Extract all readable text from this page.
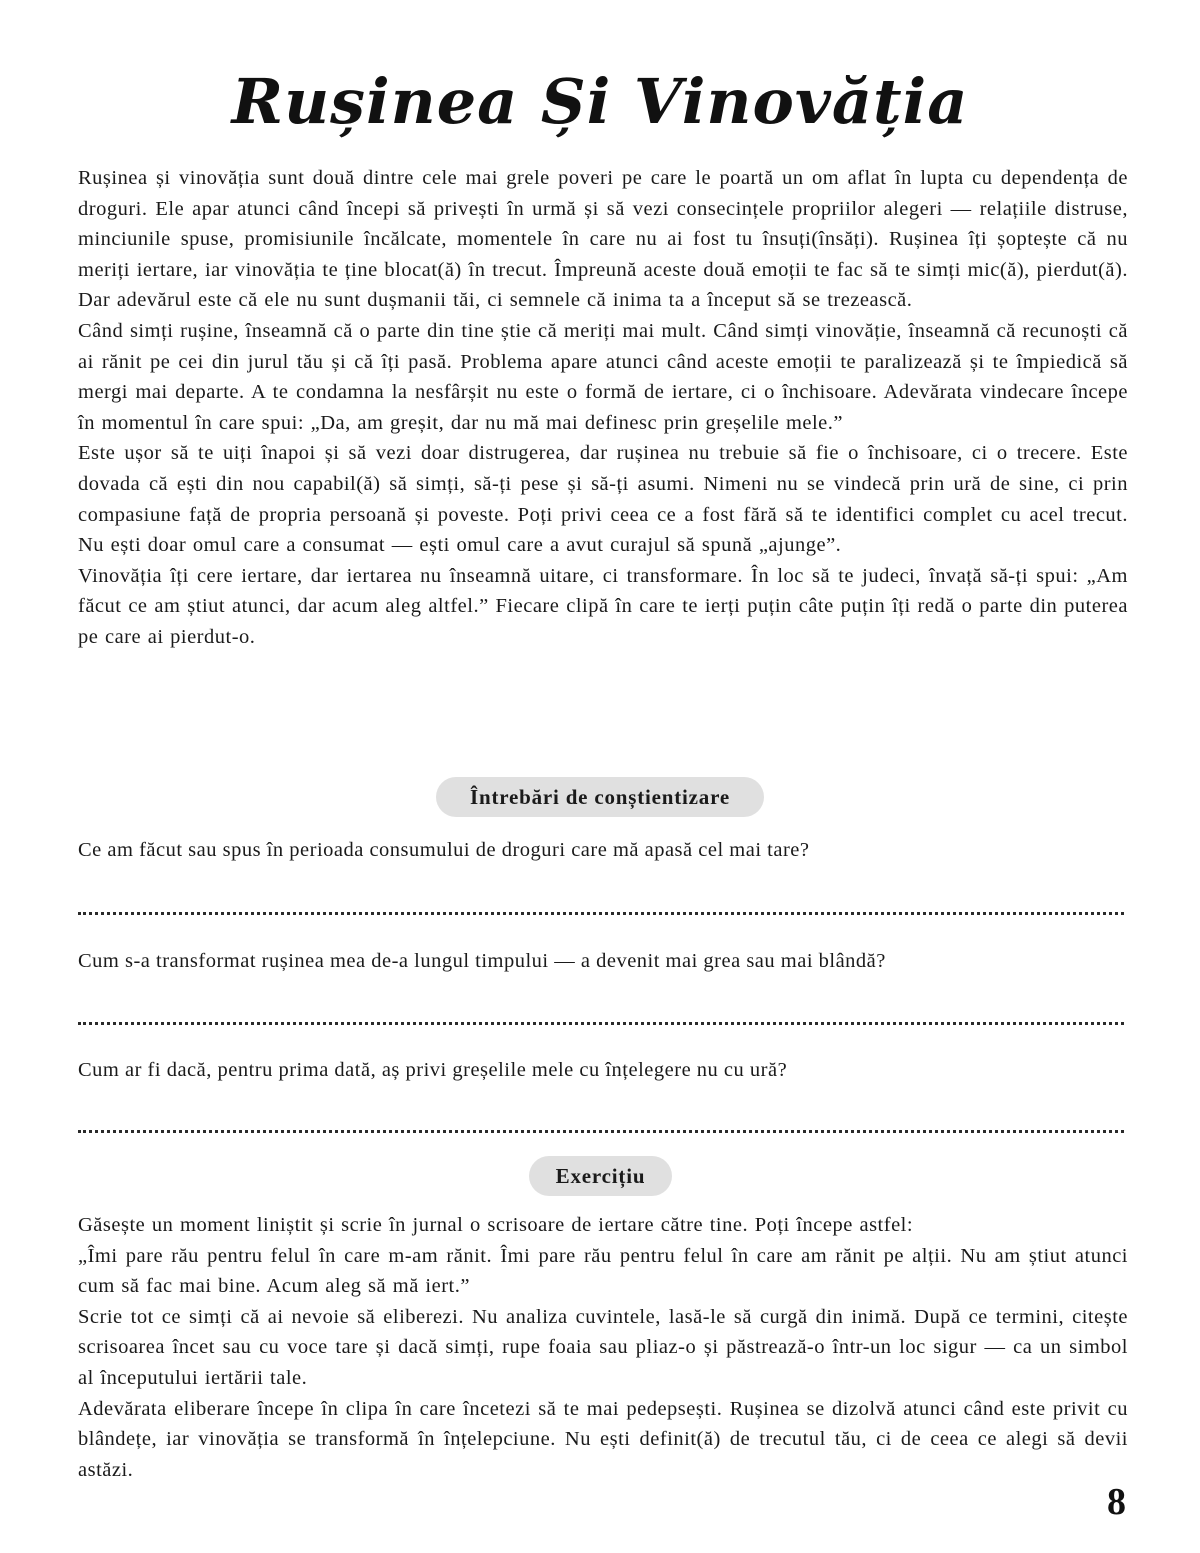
Rușinea Și Vinovăția

Rușinea și vinovăția sunt două dintre cele mai grele poveri pe care le poartă un om aflat în lupta cu dependența de droguri. Ele apar atunci când începi să privești în urmă și să vezi consecințele propriilor alegeri — relațiile distruse, minciunile spuse, promisiunile încălcate, momentele în care nu ai fost tu însuți(însăți). Rușinea îți șoptește că nu meriți iertare, iar vinovăția te ține blocat(ă) în trecut. Împreună aceste două emoții te fac să te simți mic(ă), pierdut(ă). Dar adevărul este că ele nu sunt dușmanii tăi, ci semnele că inima ta a început să se trezească.

Când simți rușine, înseamnă că o parte din tine știe că meriți mai mult. Când simți vinovăție, înseamnă că recunoști că ai rănit pe cei din jurul tău și că îți pasă. Problema apare atunci când aceste emoții te paralizează și te împiedică să mergi mai departe. A te condamna la nesfârșit nu este o formă de iertare, ci o închisoare. Adevărata vindecare începe în momentul în care spui: „Da, am greșit, dar nu mă mai definesc prin greșelile mele.”

Este ușor să te uiți înapoi și să vezi doar distrugerea, dar rușinea nu trebuie să fie o închisoare, ci o trecere. Este dovada că ești din nou capabil(ă) să simți, să-ți pese și să-ți asumi. Nimeni nu se vindecă prin ură de sine, ci prin compasiune față de propria persoană și poveste. Poți privi ceea ce a fost fără să te identifici complet cu acel trecut. Nu ești doar omul care a consumat — ești omul care a avut curajul să spună „ajunge”.

Vinovăția îți cere iertare, dar iertarea nu înseamnă uitare, ci transformare. În loc să te judeci, învață să-ți spui: „Am făcut ce am știut atunci, dar acum aleg altfel.” Fiecare clipă în care te ierți puțin câte puțin îți redă o parte din puterea pe care ai pierdut-o.

Întrebări de conștientizare

Ce am făcut sau spus în perioada consumului de droguri care mă apasă cel mai tare?

Cum s-a transformat rușinea mea de-a lungul timpului — a devenit mai grea sau mai blândă?

Cum ar fi dacă, pentru prima dată, aș privi greșelile mele cu înțelegere nu cu ură?

Exercițiu

Găsește un moment liniștit și scrie în jurnal o scrisoare de iertare către tine. Poți începe astfel:

„Îmi pare rău pentru felul în care m-am rănit. Îmi pare rău pentru felul în care am rănit pe alții. Nu am știut atunci cum să fac mai bine. Acum aleg să mă iert.”

Scrie tot ce simți că ai nevoie să eliberezi. Nu analiza cuvintele, lasă-le să curgă din inimă. După ce termini, citește scrisoarea încet sau cu voce tare și dacă simți, rupe foaia sau pliaz-o și păstrează-o într-un loc sigur — ca un simbol al începutului iertării tale.

Adevărata eliberare începe în clipa în care încetezi să te mai pedepsești. Rușinea se dizolvă atunci când este privit cu blândețe, iar vinovăția se transformă în înțelepciune. Nu ești definit(ă) de trecutul tău, ci de ceea ce alegi să devii astăzi.

8
